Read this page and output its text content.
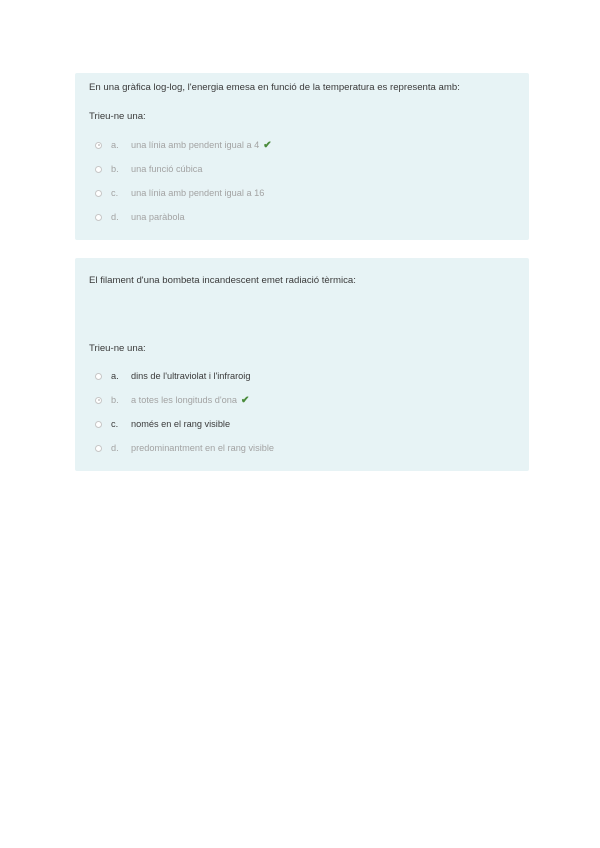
En una gràfica log-log, l'energia emesa en funció de la temperatura es representa amb:
Trieu-ne una:
a.	una línia amb pendent igual a 4 ✔
b.	una funció cúbica
c.	una línia amb pendent igual a 16
d.	una paràbola
El filament d'una bombeta incandescent emet radiació tèrmica:
Trieu-ne una:
a.	dins de l'ultraviolat i l'infraroig
b.	a totes les longituds d'ona ✔
c.	només en el rang visible
d.	predominantment en el rang visible
